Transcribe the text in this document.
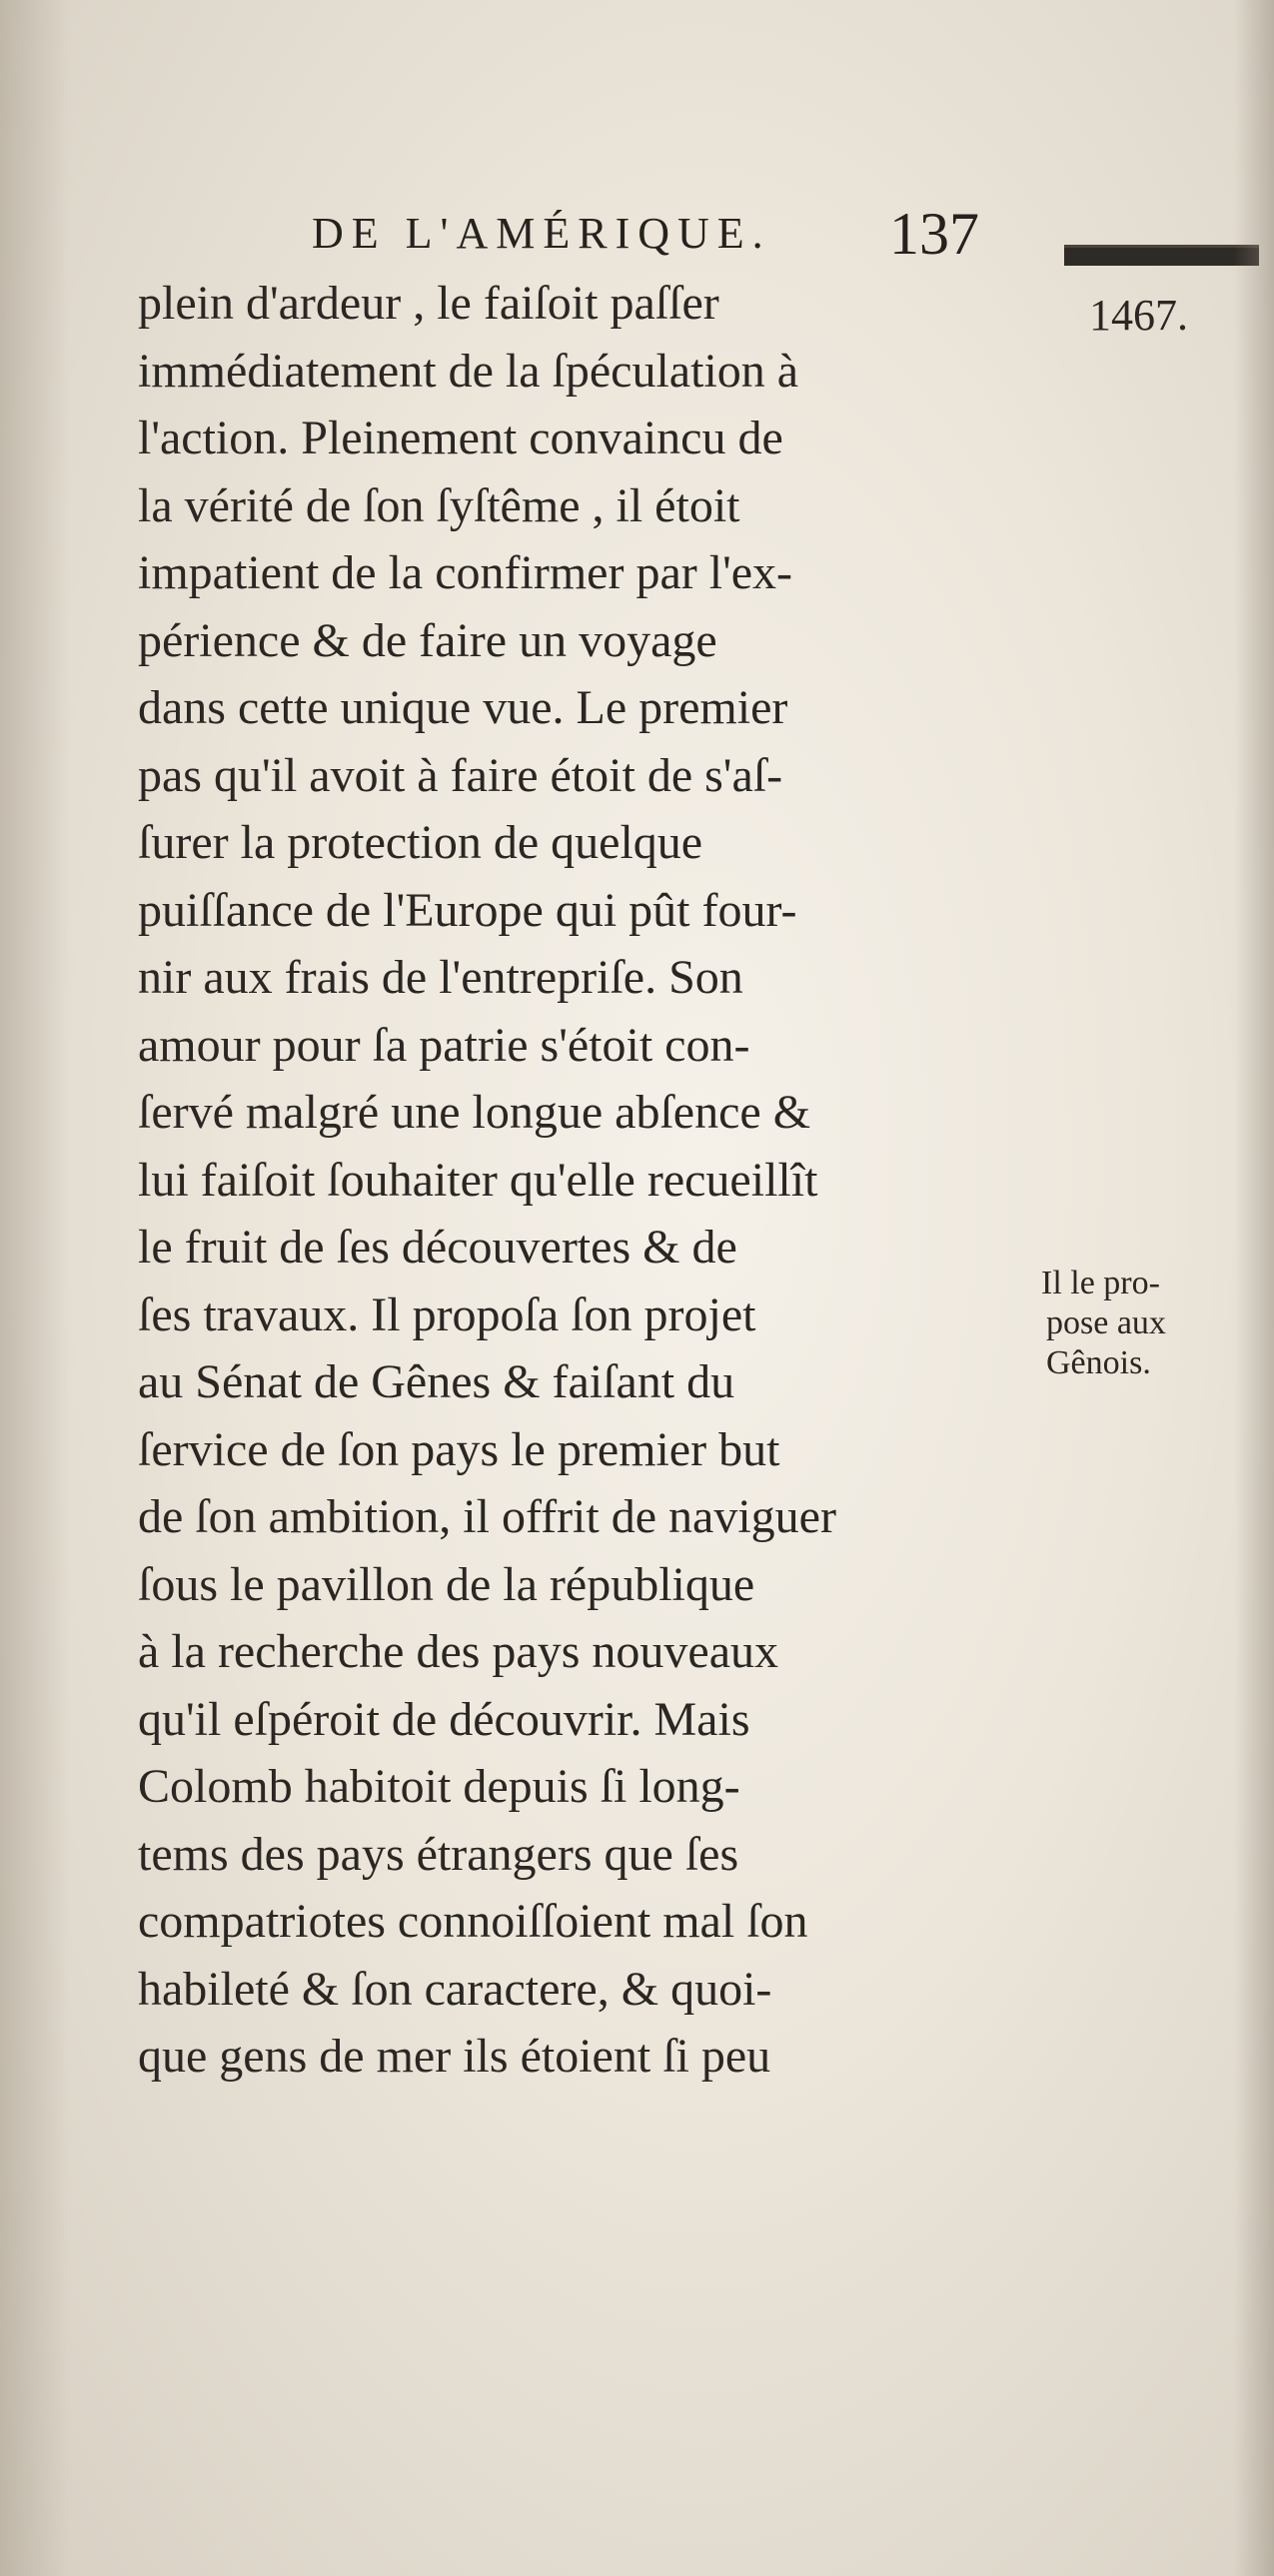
DE L'AMÉRIQUE. 137
1467.
plein d'ardeur , le faiſoit paſſer
immédiatement de la ſpéculation à
l'action. Pleinement convaincu de
la vérité de ſon ſyſtême , il étoit
impatient de la confirmer par l'ex-
périence & de faire un voyage
dans cette unique vue. Le premier
pas qu'il avoit à faire étoit de s'aſ-
ſurer la protection de quelque
puiſſance de l'Europe qui pût four-
nir aux frais de l'entrepriſe. Son
amour pour ſa patrie s'étoit con-
ſervé malgré une longue abſence &
lui faiſoit ſouhaiter qu'elle recueillît
le fruit de ſes découvertes & de
ſes travaux. Il propoſa ſon projet
au Sénat de Gênes & faiſant du
ſervice de ſon pays le premier but
de ſon ambition, il offrit de naviguer
ſous le pavillon de la république
à la recherche des pays nouveaux
qu'il eſpéroit de découvrir. Mais
Colomb habitoit depuis ſi long-
tems des pays étrangers que ſes
compatriotes connoiſſoient mal ſon
habileté & ſon caractere, & quoi-
que gens de mer ils étoient ſi peu
Il le pro-
pose aux
Gênois.
